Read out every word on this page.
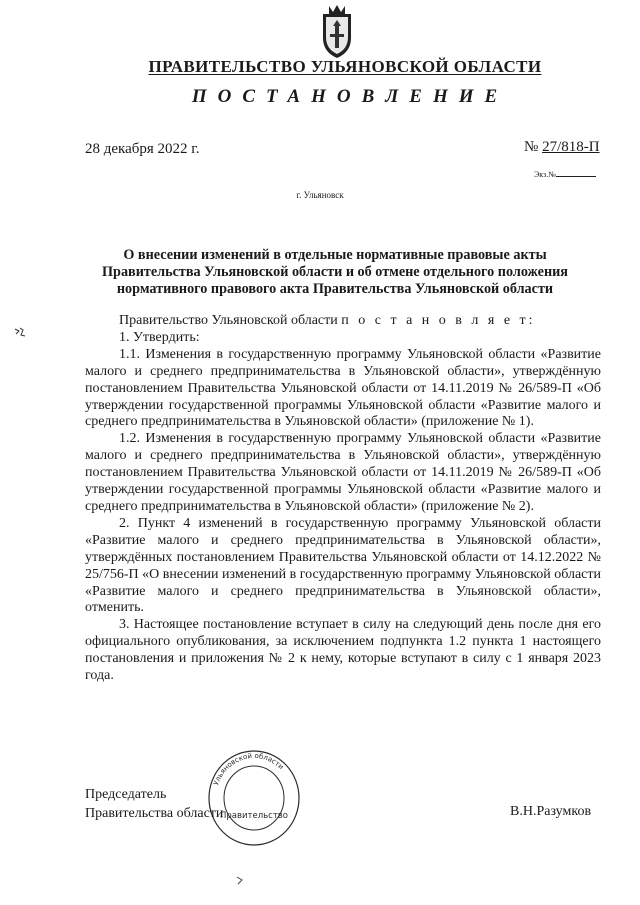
ПРАВИТЕЛЬСТВО УЛЬЯНОВСКОЙ ОБЛАСТИ
ПОСТАНОВЛЕНИЕ
28 декабря 2022 г.	№ 27/818-П
Экз.№
г. Ульяновск
О внесении изменений в отдельные нормативные правовые акты
Правительства Ульяновской области и об отмене отдельного положения
нормативного правового акта Правительства Ульяновской области

Правительство Ульяновской области п о с т а н о в л я е т:

1. Утвердить:

1.1. Изменения в государственную программу Ульяновской области «Развитие малого и среднего предпринимательства в Ульяновской области», утверждённую постановлением Правительства Ульяновской области от 14.11.2019 № 26/589-П «Об утверждении государственной программы Ульяновской области «Развитие малого и среднего предпринимательства в Ульяновской области» (приложение № 1).

1.2. Изменения в государственную программу Ульяновской области «Развитие малого и среднего предпринимательства в Ульяновской области», утверждённую постановлением Правительства Ульяновской области от 14.11.2019 № 26/589-П «Об утверждении государственной программы Ульяновской области «Развитие малого и среднего предпринимательства в Ульяновской области» (приложение № 2).

2. Пункт 4 изменений в государственную программу Ульяновской области «Развитие малого и среднего предпринимательства в Ульяновской области», утверждённых постановлением Правительства Ульяновской области от 14.12.2022 № 25/756-П «О внесении изменений в государственную программу Ульяновской области «Развитие малого и среднего предпринимательства в Ульяновской области», отменить.

3. Настоящее постановление вступает в силу на следующий день после дня его официального опубликования, за исключением подпункта 1.2 пункта 1 настоящего постановления и приложения № 2 к нему, которые вступают в силу с 1 января 2023 года.

Председатель
Правительства области	В.Н.Разумков
Ульяновской области
Правительство
